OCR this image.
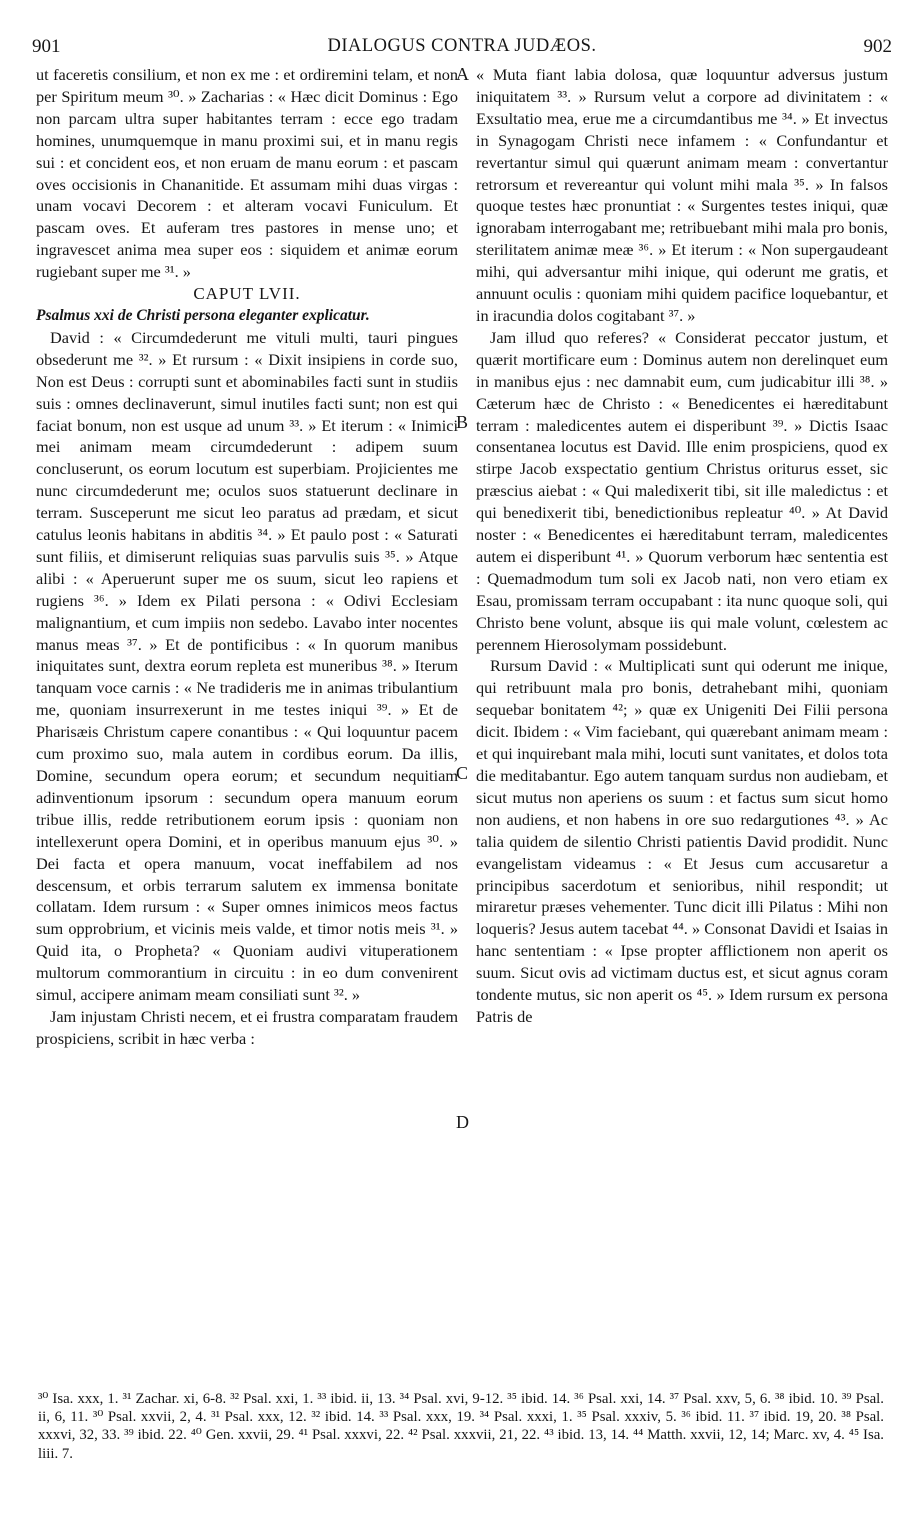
901	DIALOGUS CONTRA JUDÆOS.	902

ut faceretis consilium, et non ex me : et ordiremini telam, et non per Spiritum meum ³⁰. » Zacharias : « Hæc dicit Dominus : Ego non parcam ultra super habitantes terram : ecce ego tradam homines, unumquemque in manu proximi sui, et in manu regis sui : et concident eos, et non eruam de manu eorum : et pascam oves occisionis in Chananitide. Et assumam mihi duas virgas : unam vocavi Decorem : et alteram vocavi Funiculum. Et pascam oves. Et auferam tres pastores in mense uno; et ingravescet anima mea super eos : siquidem et animæ eorum rugiebant super me ³¹. »

CAPUT LVII.

Psalmus xxi de Christi persona eleganter explicatur.

David : « Circumdederunt me vituli multi, tauri pingues obsederunt me ³². » Et rursum : « Dixit insipiens in corde suo, Non est Deus : corrupti sunt et abominabiles facti sunt in studiis suis : omnes declinaverunt, simul inutiles facti sunt; non est qui faciat bonum, non est usque ad unum ³³. » Et iterum : « Inimici mei animam meam circumdederunt : adipem suum concluserunt, os eorum locutum est superbiam. Projicientes me nunc circumdederunt me; oculos suos statuerunt declinare in terram. Susceperunt me sicut leo paratus ad prædam, et sicut catulus leonis habitans in abditis ³⁴. » Et paulo post : « Saturati sunt filiis, et dimiserunt reliquias suas parvulis suis ³⁵. » Atque alibi : « Aperuerunt super me os suum, sicut leo rapiens et rugiens ³⁶. » Idem ex Pilati persona : « Odivi Ecclesiam malignantium, et cum impiis non sedebo. Lavabo inter nocentes manus meas ³⁷. » Et de pontificibus : « In quorum manibus iniquitates sunt, dextra eorum repleta est muneribus ³⁸. » Iterum tanquam voce carnis : « Ne tradideris me in animas tribulantium me, quoniam insurrexerunt in me testes iniqui ³⁹. » Et de Pharisæis Christum capere conantibus : « Qui loquuntur pacem cum proximo suo, mala autem in cordibus eorum. Da illis, Domine, secundum opera eorum; et secundum nequitiam adinventionum ipsorum : secundum opera manuum eorum tribue illis, redde retributionem eorum ipsis : quoniam non intellexerunt opera Domini, et in operibus manuum ejus ³⁰. » Dei facta et opera manuum, vocat ineffabilem ad nos descensum, et orbis terrarum salutem ex immensa bonitate collatam. Idem rursum : « Super omnes inimicos meos factus sum opprobrium, et vicinis meis valde, et timor notis meis ³¹. » Quid ita, o Propheta? « Quoniam audivi vituperationem multorum commorantium in circuitu : in eo dum convenirent simul, accipere animam meam consiliati sunt ³². »

Jam injustam Christi necem, et ei frustra comparatam fraudem prospiciens, scribit in hæc verba :

« Muta fiant labia dolosa, quæ loquuntur adversus justum iniquitatem ³³. » Rursum velut a corpore ad divinitatem : « Exsultatio mea, erue me a circumdantibus me ³⁴. » Et invectus in Synagogam Christi nece infamem : « Confundantur et revertantur simul qui quærunt animam meam : convertantur retrorsum et revereantur qui volunt mihi mala ³⁵. » In falsos quoque testes hæc pronuntiat : « Surgentes testes iniqui, quæ ignorabam interrogabant me; retribuebant mihi mala pro bonis, sterilitatem animæ meæ ³⁶. » Et iterum : « Non supergaudeant mihi, qui adversantur mihi inique, qui oderunt me gratis, et annuunt oculis : quoniam mihi quidem pacifice loquebantur, et in iracundia dolos cogitabant ³⁷. »

Jam illud quo referes? « Considerat peccator justum, et quærit mortificare eum : Dominus autem non derelinquet eum in manibus ejus : nec damnabit eum, cum judicabitur illi ³⁸. » Cæterum hæc de Christo : « Benedicentes ei hæreditabunt terram : maledicentes autem ei disperibunt ³⁹. » Dictis Isaac consentanea locutus est David. Ille enim prospiciens, quod ex stirpe Jacob exspectatio gentium Christus oriturus esset, sic præscius aiebat : « Qui maledixerit tibi, sit ille maledictus : et qui benedixerit tibi, benedictionibus repleatur ⁴⁰. » At David noster : « Benedicentes ei hæreditabunt terram, maledicentes autem ei disperibunt ⁴¹. » Quorum verborum hæc sententia est : Quemadmodum tum soli ex Jacob nati, non vero etiam ex Esau, promissam terram occupabant : ita nunc quoque soli, qui Christo bene volunt, absque iis qui male volunt, cœlestem ac perennem Hierosolymam possidebunt.

Rursum David : « Multiplicati sunt qui oderunt me inique, qui retribuunt mala pro bonis, detrahebant mihi, quoniam sequebar bonitatem ⁴²; » quæ ex Unigeniti Dei Filii persona dicit. Ibidem : « Vim faciebant, qui quærebant animam meam : et qui inquirebant mala mihi, locuti sunt vanitates, et dolos tota die meditabantur. Ego autem tanquam surdus non audiebam, et sicut mutus non aperiens os suum : et factus sum sicut homo non audiens, et non habens in ore suo redargutiones ⁴³. » Ac talia quidem de silentio Christi patientis David prodidit. Nunc evangelistam videamus : « Et Jesus cum accusaretur a principibus sacerdotum et senioribus, nihil respondit; ut miraretur præses vehementer. Tunc dicit illi Pilatus : Mihi non loqueris? Jesus autem tacebat ⁴⁴. » Consonat Davidi et Isaias in hanc sententiam : « Ipse propter afflictionem non aperit os suum. Sicut ovis ad victimam ductus est, et sicut agnus coram tondente mutus, sic non aperit os ⁴⁵. » Idem rursum ex persona Patris de

A
B
C
D

³⁰ Isa. xxx, 1. ³¹ Zachar. xi, 6-8. ³² Psal. xxi, 1. ³³ ibid. ii, 13. ³⁴ Psal. xvi, 9-12. ³⁵ ibid. 14. ³⁶ Psal. xxi, 14. ³⁷ Psal. xxv, 5, 6. ³⁸ ibid. 10. ³⁹ Psal. ii, 6, 11. ³⁰ Psal. xxvii, 2, 4. ³¹ Psal. xxx, 12. ³² ibid. 14. ³³ Psal. xxx, 19. ³⁴ Psal. xxxi, 1. ³⁵ Psal. xxxiv, 5. ³⁶ ibid. 11. ³⁷ ibid. 19, 20. ³⁸ Psal. xxxvi, 32, 33. ³⁹ ibid. 22. ⁴⁰ Gen. xxvii, 29. ⁴¹ Psal. xxxvi, 22. ⁴² Psal. xxxvii, 21, 22. ⁴³ ibid. 13, 14. ⁴⁴ Matth. xxvii, 12, 14; Marc. xv, 4. ⁴⁵ Isa. liii. 7.
